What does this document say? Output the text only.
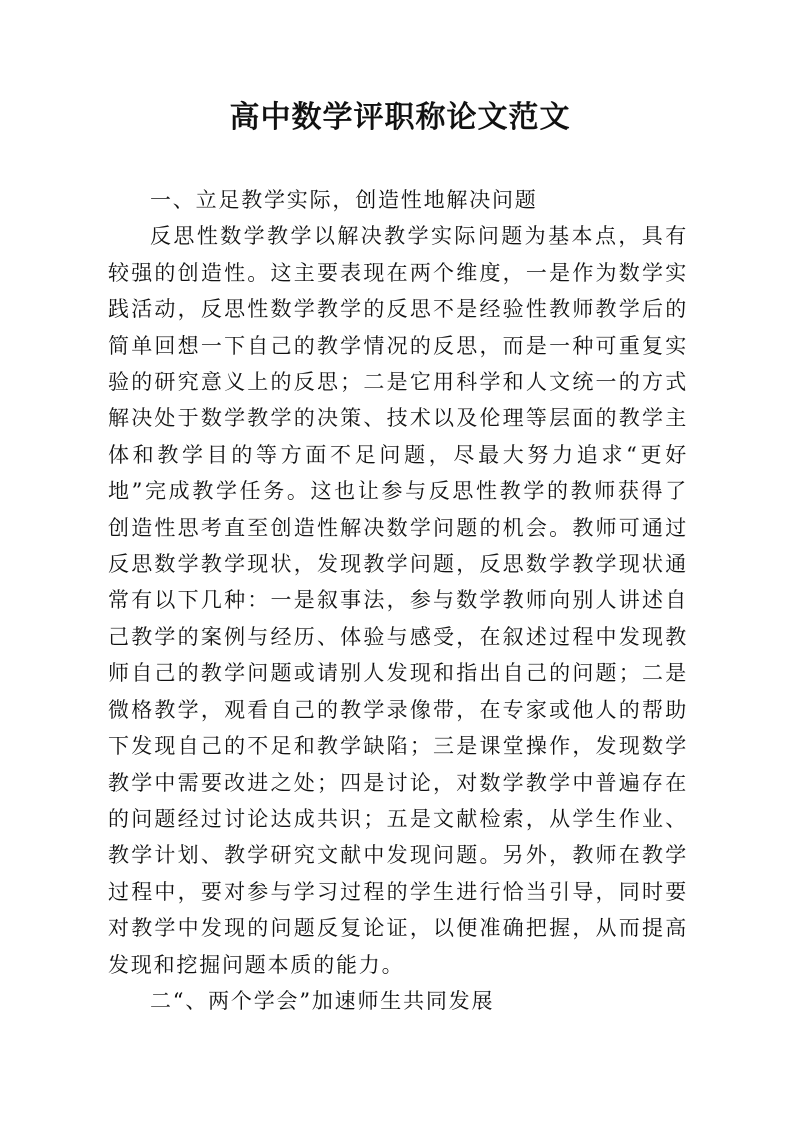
高中数学评职称论文范文

一、立足教学实际，创造性地解决问题

反思性数学教学以解决教学实际问题为基本点，具有较强的创造性。这主要表现在两个维度，一是作为数学实践活动，反思性数学教学的反思不是经验性教师教学后的简单回想一下自己的教学情况的反思，而是一种可重复实验的研究意义上的反思；二是它用科学和人文统一的方式解决处于数学教学的决策、技术以及伦理等层面的教学主体和教学目的等方面不足问题，尽最大努力追求“更好地”完成教学任务。这也让参与反思性教学的教师获得了创造性思考直至创造性解决数学问题的机会。教师可通过反思数学教学现状，发现教学问题，反思数学教学现状通常有以下几种：一是叙事法，参与数学教师向别人讲述自己教学的案例与经历、体验与感受，在叙述过程中发现教师自己的教学问题或请别人发现和指出自己的问题；二是微格教学，观看自己的教学录像带，在专家或他人的帮助下发现自己的不足和教学缺陷；三是课堂操作，发现数学教学中需要改进之处；四是讨论，对数学教学中普遍存在的问题经过讨论达成共识；五是文献检索，从学生作业、教学计划、教学研究文献中发现问题。另外，教师在教学过程中，要对参与学习过程的学生进行恰当引导，同时要对教学中发现的问题反复论证，以便准确把握，从而提高发现和挖掘问题本质的能力。

二“、两个学会”加速师生共同发展
